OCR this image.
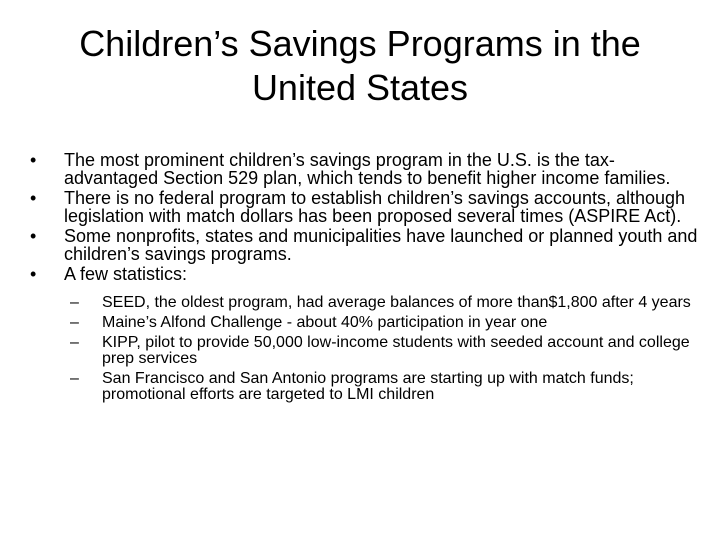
Children’s Savings Programs in the
United States
•	The most prominent children’s savings program in the U.S. is the tax-advantaged Section 529 plan, which tends to benefit higher income families.
•	There is no federal program to establish children’s savings accounts, although legislation with match dollars has been proposed several times (ASPIRE Act).
•	Some nonprofits, states and municipalities have launched or planned youth and children’s savings programs.
•	A few statistics:
– SEED, the oldest program, had average balances of more than$1,800 after 4 years
– Maine’s Alfond Challenge - about 40% participation in year one
– KIPP, pilot to provide 50,000 low-income students with seeded account and college prep services
– San Francisco and San Antonio programs are starting up with match funds; promotional efforts are targeted to LMI children
